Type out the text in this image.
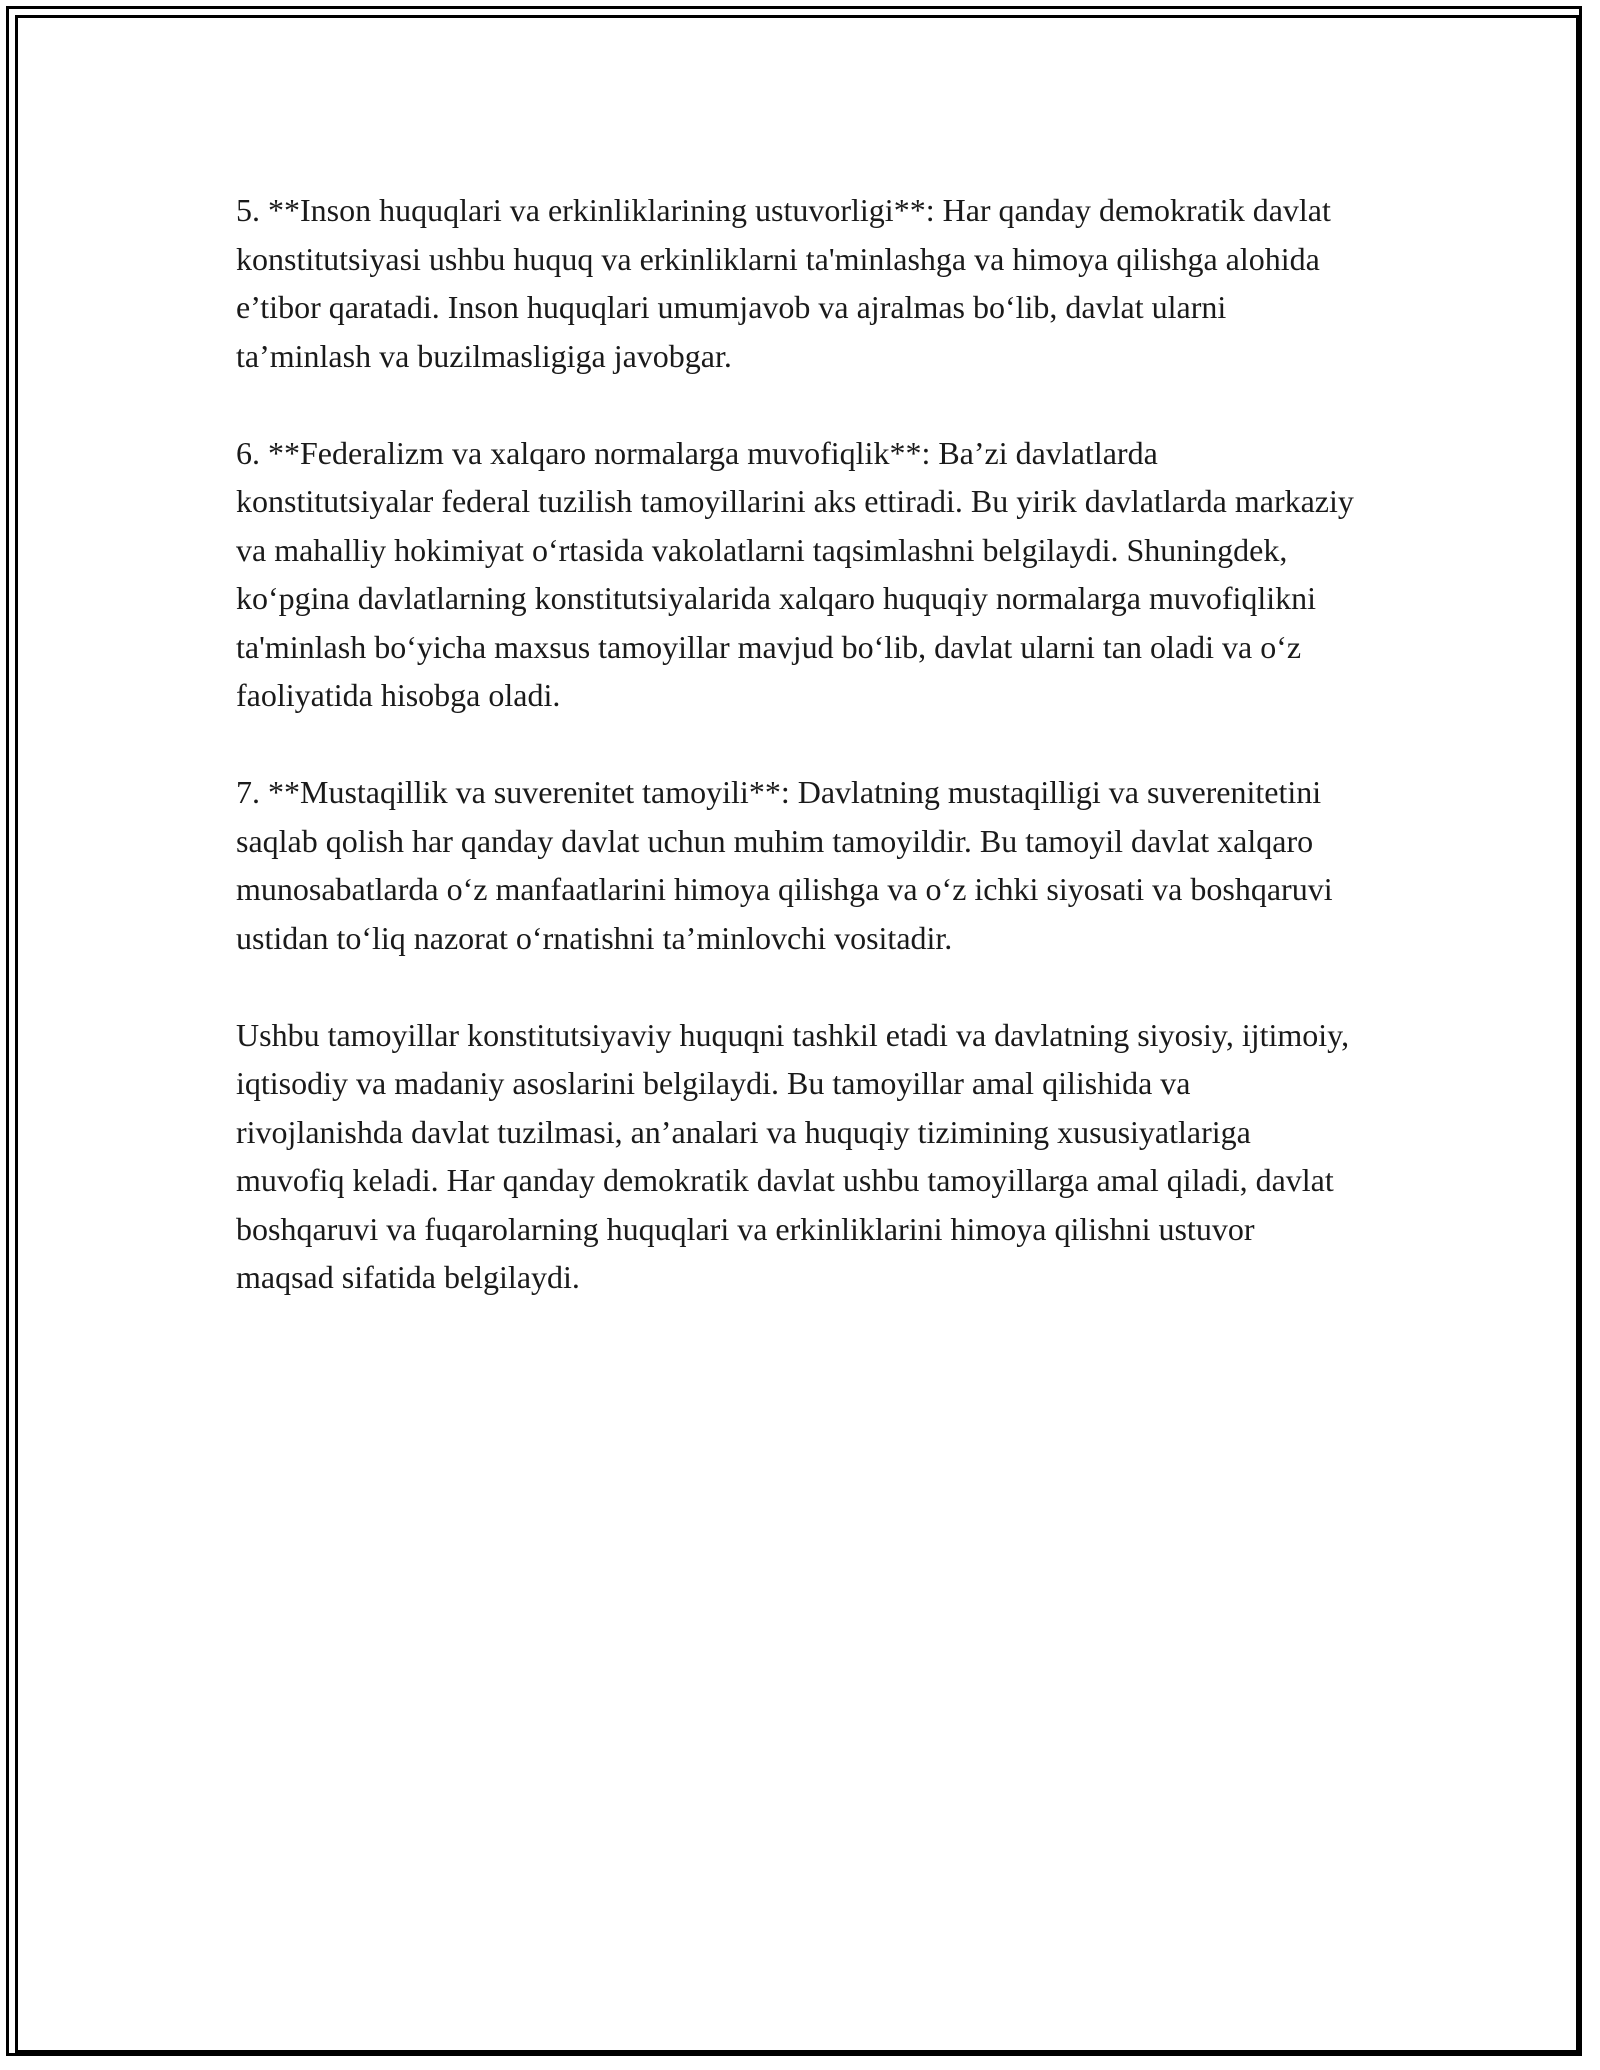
5. **Inson huquqlari va erkinliklarining ustuvorligi**: Har qanday demokratik davlat konstitutsiyasi ushbu huquq va erkinliklarni ta'minlashga va himoya qilishga alohida e’tibor qaratadi. Inson huquqlari umumjavob va ajralmas bo‘lib, davlat ularni ta’minlash va buzilmasligiga javobgar.

6. **Federalizm va xalqaro normalarga muvofiqlik**: Ba’zi davlatlarda konstitutsiyalar federal tuzilish tamoyillarini aks ettiradi. Bu yirik davlatlarda markaziy va mahalliy hokimiyat o‘rtasida vakolatlarni taqsimlashni belgilaydi. Shuningdek, ko‘pgina davlatlarning konstitutsiyalarida xalqaro huquqiy normalarga muvofiqlikni ta'minlash bo‘yicha maxsus tamoyillar mavjud bo‘lib, davlat ularni tan oladi va o‘z faoliyatida hisobga oladi.

7. **Mustaqillik va suverenitet tamoyili**: Davlatning mustaqilligi va suverenitetini saqlab qolish har qanday davlat uchun muhim tamoyildir. Bu tamoyil davlat xalqaro munosabatlarda o‘z manfaatlarini himoya qilishga va o‘z ichki siyosati va boshqaruvi ustidan to‘liq nazorat o‘rnatishni ta’minlovchi vositadir.

Ushbu tamoyillar konstitutsiyaviy huquqni tashkil etadi va davlatning siyosiy, ijtimoiy, iqtisodiy va madaniy asoslarini belgilaydi. Bu tamoyillar amal qilishida va rivojlanishda davlat tuzilmasi, an’analari va huquqiy tizimining xususiyatlariga muvofiq keladi. Har qanday demokratik davlat ushbu tamoyillarga amal qiladi, davlat boshqaruvi va fuqarolarning huquqlari va erkinliklarini himoya qilishni ustuvor maqsad sifatida belgilaydi.
